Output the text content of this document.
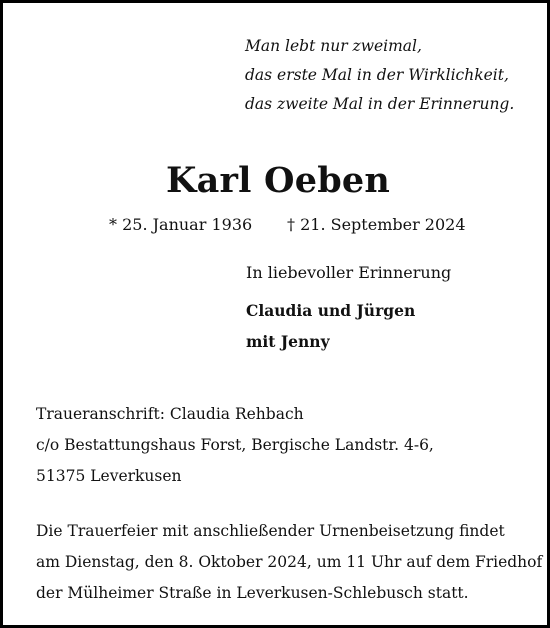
Man lebt nur zweimal,
das erste Mal in der Wirklichkeit,
das zweite Mal in der Erinnerung.
Karl Oeben
* 25. Januar 1936 † 21. September 2024
In liebevoller Erinnerung
Claudia und Jürgen
mit Jenny
Traueranschrift: Claudia Rehbach
c/o Bestattungshaus Forst, Bergische Landstr. 4-6,
51375 Leverkusen
Die Trauerfeier mit anschließender Urnenbeisetzung findet
am Dienstag, den 8. Oktober 2024, um 11 Uhr auf dem Friedhof
der Mülheimer Straße in Leverkusen-Schlebusch statt.
